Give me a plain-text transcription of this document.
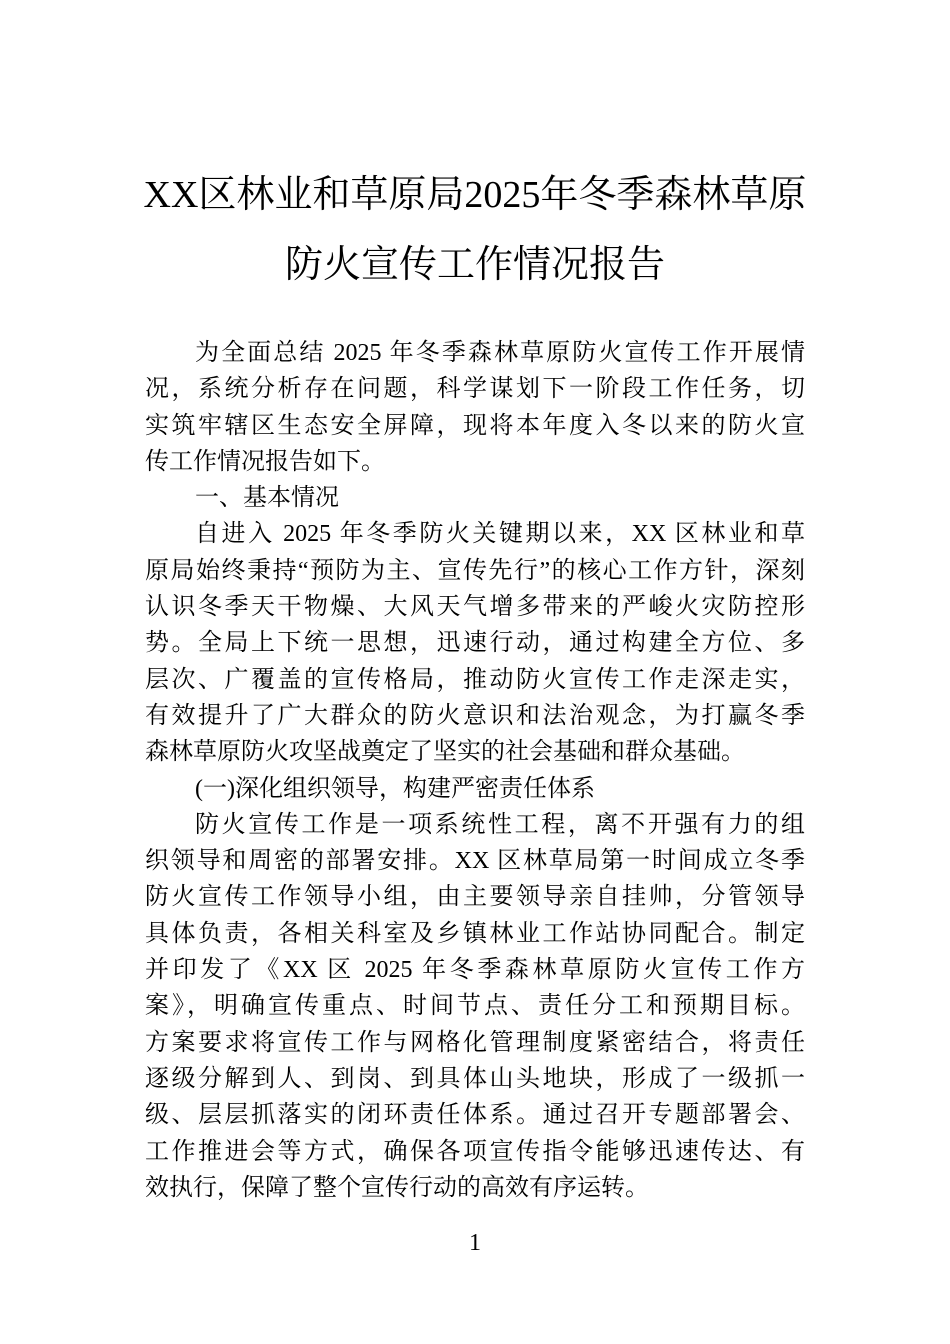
XX区林业和草原局2025年冬季森林草原
防火宣传工作情况报告
为全面总结 2025 年冬季森林草原防火宣传工作开展情
况，系统分析存在问题，科学谋划下一阶段工作任务，切
实筑牢辖区生态安全屏障，现将本年度入冬以来的防火宣
传工作情况报告如下。
一、基本情况
自进入 2025 年冬季防火关键期以来，XX 区林业和草
原局始终秉持“预防为主、宣传先行”的核心工作方针，深刻
认识冬季天干物燥、大风天气增多带来的严峻火灾防控形
势。全局上下统一思想，迅速行动，通过构建全方位、多
层次、广覆盖的宣传格局，推动防火宣传工作走深走实，
有效提升了广大群众的防火意识和法治观念，为打赢冬季
森林草原防火攻坚战奠定了坚实的社会基础和群众基础。
(一)深化组织领导，构建严密责任体系
防火宣传工作是一项系统性工程，离不开强有力的组
织领导和周密的部署安排。XX 区林草局第一时间成立冬季
防火宣传工作领导小组，由主要领导亲自挂帅，分管领导
具体负责，各相关科室及乡镇林业工作站协同配合。制定
并印发了《XX 区 2025 年冬季森林草原防火宣传工作方
案》，明确宣传重点、时间节点、责任分工和预期目标。
方案要求将宣传工作与网格化管理制度紧密结合，将责任
逐级分解到人、到岗、到具体山头地块，形成了一级抓一
级、层层抓落实的闭环责任体系。通过召开专题部署会、
工作推进会等方式，确保各项宣传指令能够迅速传达、有
效执行，保障了整个宣传行动的高效有序运转。
1
